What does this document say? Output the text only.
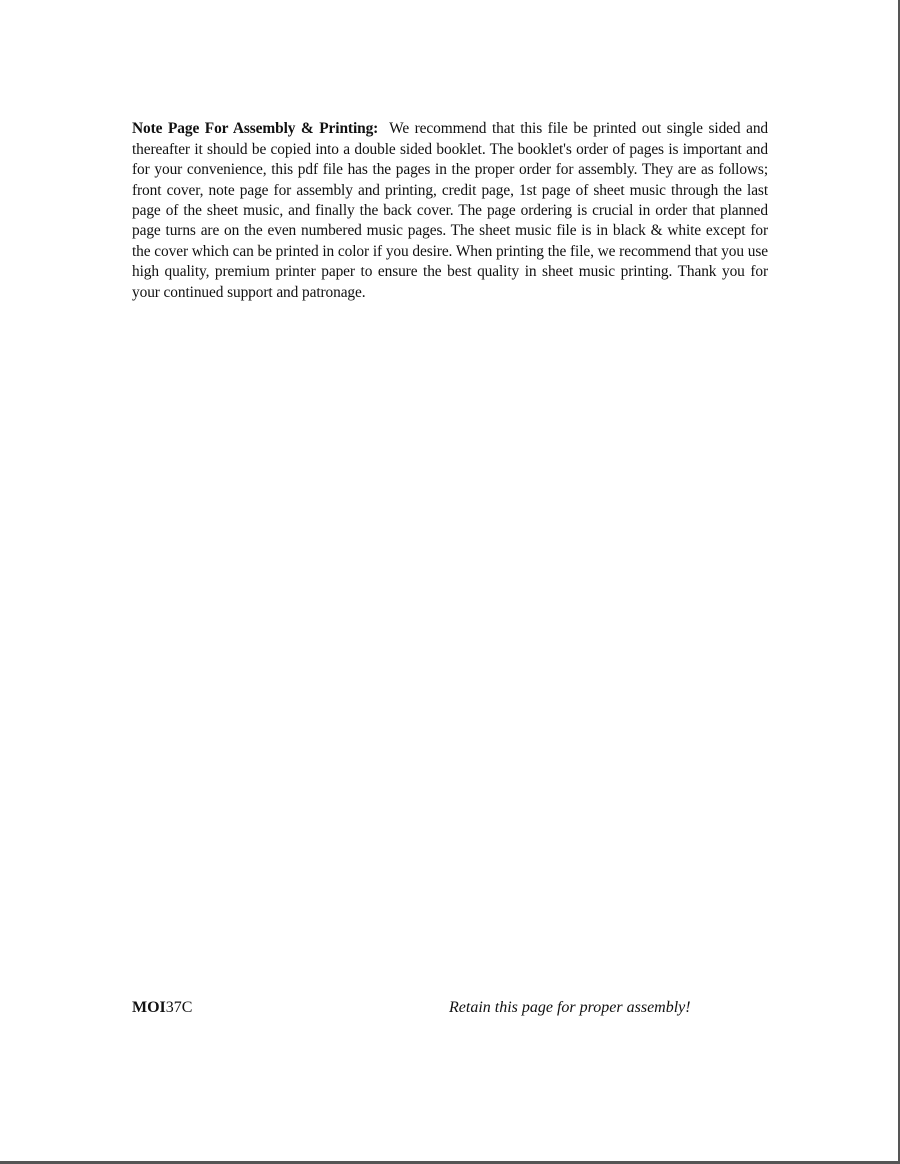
Note Page For Assembly & Printing: We recommend that this file be printed out single sided and thereafter it should be copied into a double sided booklet. The booklet's order of pages is important and for your convenience, this pdf file has the pages in the proper order for assembly. They are as follows; front cover, note page for assembly and printing, credit page, 1st page of sheet music through the last page of the sheet music, and finally the back cover. The page ordering is crucial in order that planned page turns are on the even numbered music pages. The sheet music file is in black & white except for the cover which can be printed in color if you desire. When printing the file, we recommend that you use high quality, premium printer paper to ensure the best quality in sheet music printing. Thank you for your continued support and patronage.

MOI37C	Retain this page for proper assembly!
